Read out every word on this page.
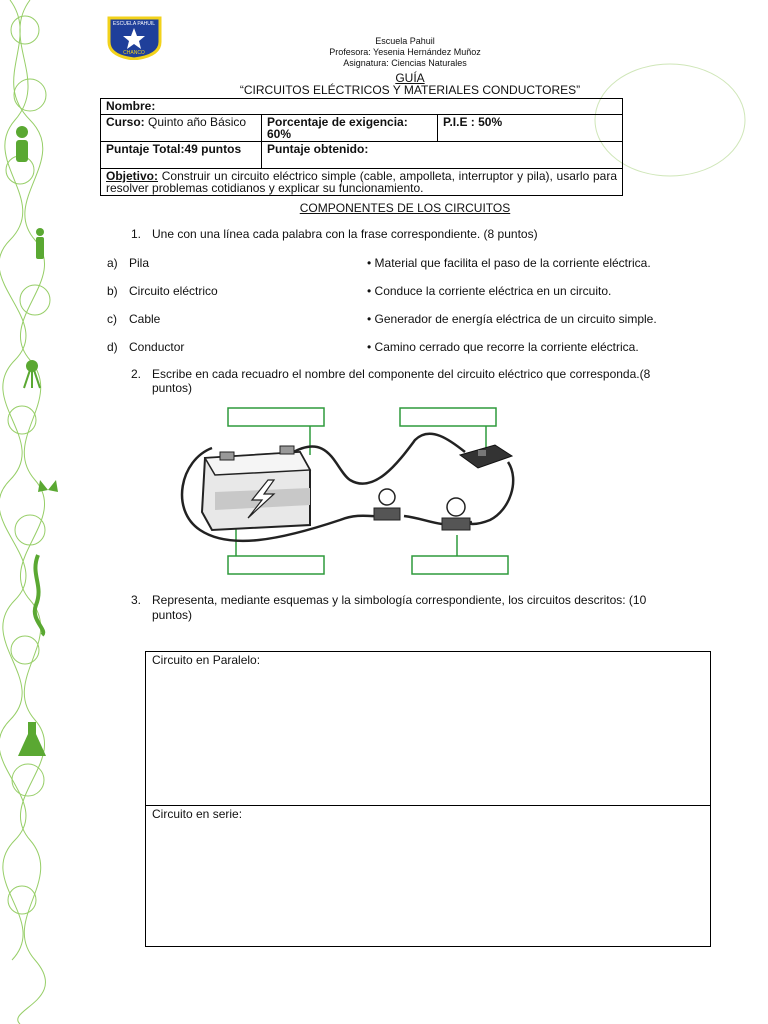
ESCUELA PAHUIL
CHANCO
Escuela Pahuil
Profesora: Yesenia Hernández Muñoz
Asignatura: Ciencias Naturales
GUÍA
“CIRCUITOS ELÉCTRICOS Y MATERIALES CONDUCTORES”
Nombre:		
Curso: Quinto año Básico	Porcentaje de exigencia: 60%	P.I.E : 50%
Puntaje Total:49 puntos	Puntaje obtenido:	
Objetivo: Construir un circuito eléctrico simple (cable, ampolleta, interruptor y pila), usarlo para resolver problemas cotidianos y explicar su funcionamiento.		
COMPONENTES DE LOS CIRCUITOS
1. Une con una línea cada palabra con la frase correspondiente. (8 puntos)
a) Pila	• Material que facilita el paso de la corriente eléctrica.
b) Circuito eléctrico	• Conduce la corriente eléctrica en un circuito.
c) Cable	• Generador de energía eléctrica de un circuito simple.
d) Conductor	• Camino cerrado que recorre la corriente eléctrica.
2. Escribe en cada recuadro el nombre del componente del circuito eléctrico que corresponda.(8
puntos)
3. Representa, mediante esquemas y la simbología correspondiente, los circuitos descritos: (10
puntos)
Circuito en Paralelo:
Circuito en serie:
